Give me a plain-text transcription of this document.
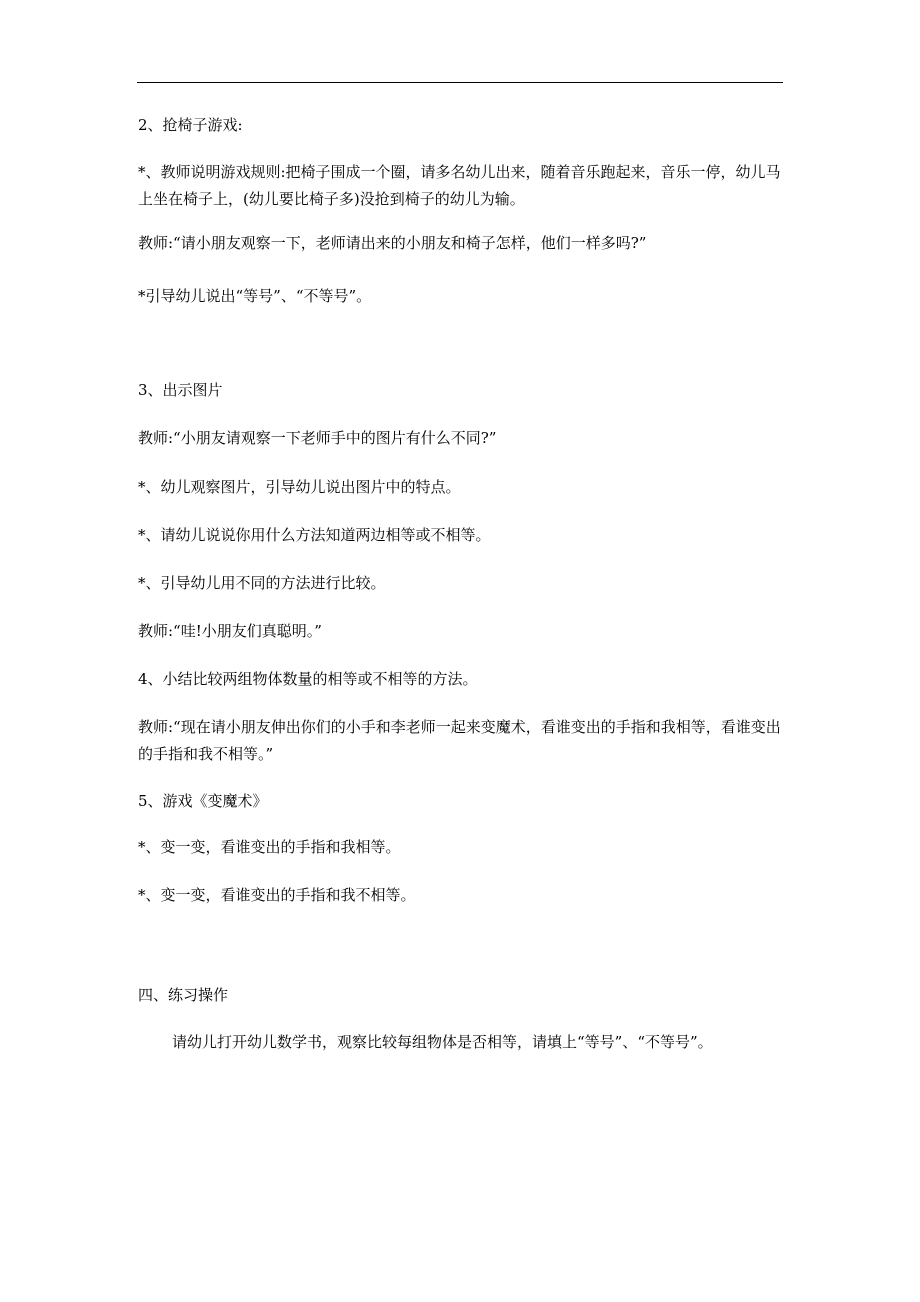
2、抢椅子游戏:

*、教师说明游戏规则:把椅子围成一个圈，请多名幼儿出来，随着音乐跑起来，音乐一停，幼儿马上坐在椅子上，(幼儿要比椅子多)没抢到椅子的幼儿为输。

教师:“请小朋友观察一下，老师请出来的小朋友和椅子怎样，他们一样多吗?”

*引导幼儿说出“等号”、“不等号”。

3、出示图片

教师:“小朋友请观察一下老师手中的图片有什么不同?”

*、幼儿观察图片，引导幼儿说出图片中的特点。

*、请幼儿说说你用什么方法知道两边相等或不相等。

*、引导幼儿用不同的方法进行比较。

教师:“哇!小朋友们真聪明。”

4、小结比较两组物体数量的相等或不相等的方法。

教师:“现在请小朋友伸出你们的小手和李老师一起来变魔术，看谁变出的手指和我相等，看谁变出的手指和我不相等。”

5、游戏《变魔术》

*、变一变，看谁变出的手指和我相等。

*、变一变，看谁变出的手指和我不相等。

四、练习操作

请幼儿打开幼儿数学书，观察比较每组物体是否相等，请填上“等号”、“不等号”。
